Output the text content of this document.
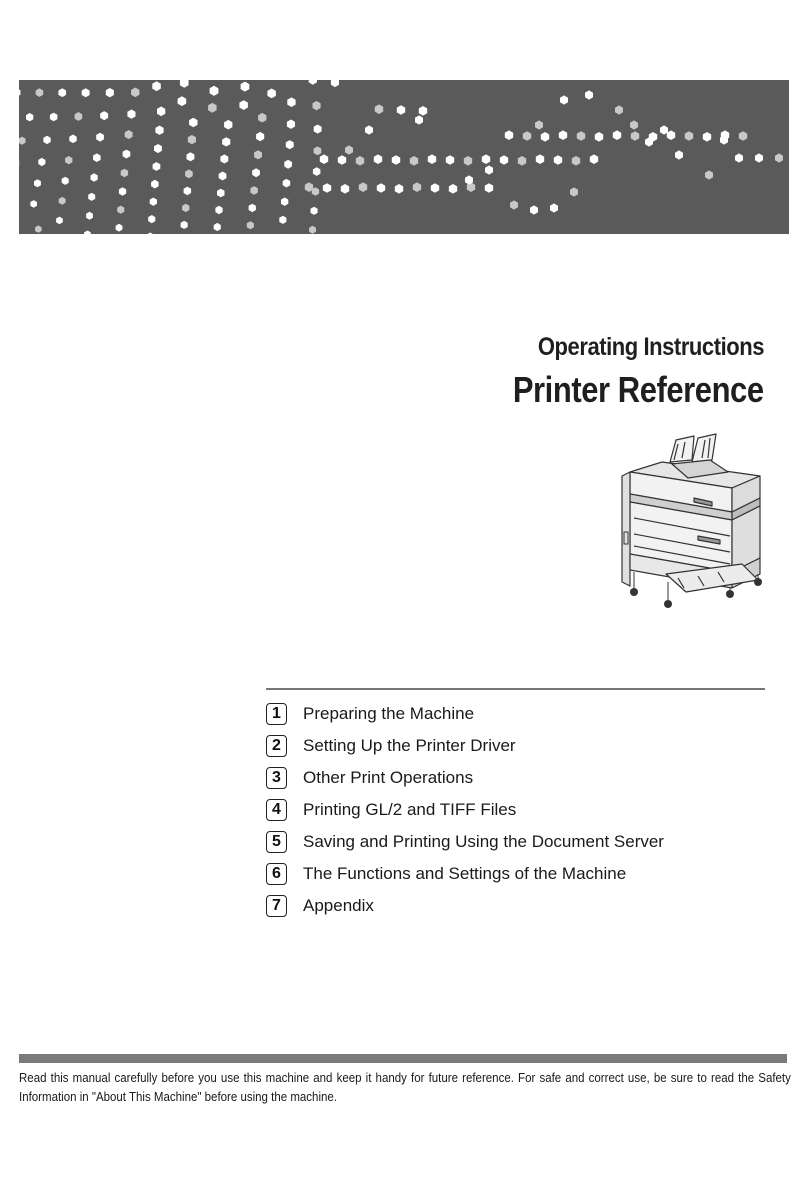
Operating Instructions
Printer Reference
1	Preparing the Machine
2	Setting Up the Printer Driver
3	Other Print Operations
4	Printing GL/2 and TIFF Files
5	Saving and Printing Using the Document Server
6	The Functions and Settings of the Machine
7	Appendix

Read this manual carefully before you use this machine and keep it handy for future reference. For safe and correct use, be sure to read the Safety Information in "About This Machine" before using the machine.
